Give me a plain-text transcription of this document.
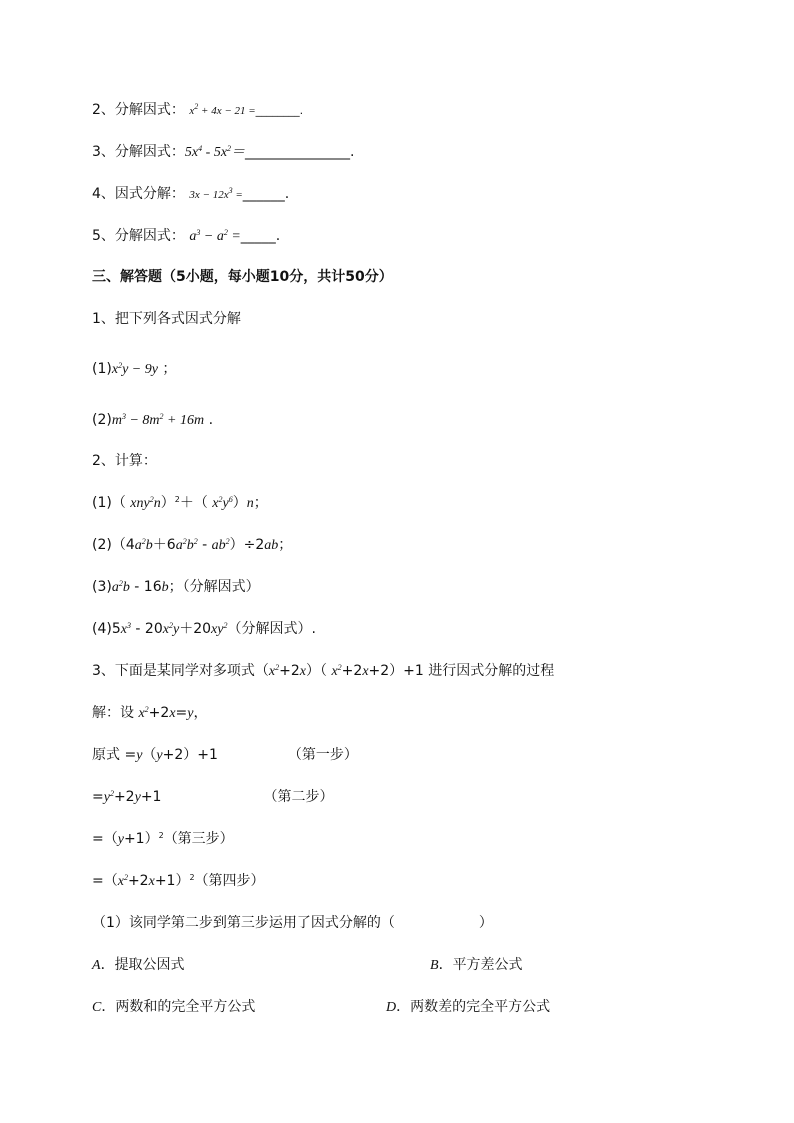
2、分解因式： $x^2 + 4x - 21$ =________.
3、分解因式：$5x^4$ - $5x^2=\_\_\_\_\_\_\_\_\_\_\_\_\_\_\_$.
4、因式分解： $3x - 12x^3$ =______.
5、分解因式： $a^3 - a^2$ =_____.
三、解答题（5小题，每小题10分，共计50分）
1、把下列各式因式分解
$(1)x^2y - 9y$ ；
$(2)m^3 - 8m^2 + 16m$ .
2、计算：
(1)（ xny$^2$n）$^2$＋（ $x^2y^6)n$；
$(2)(4a^2b+6a^2b^2 - ab^2)\div 2ab$；
$(3)a^2b - 16b$；（分解因式）
$(4)5x^3 - 20x^2y+20xy^2$（分解因式）.
3、下面是某同学对多项式$(x^2+2x)$（ $x^2+2x+2)+1$ 进行因式分解的过程
解：设 $x^2+2x=y$，
原式 =y（y+2）+1	（第一步）
$=y^2+2y+1$	（第二步）
$=(y+1)^2$（第三步）
$=(x^2+2x+1)^2$（第四步）
（1）该同学第二步到第三步运用了因式分解的（	）
A．提取公因式	B．平方差公式
C．两数和的完全平方公式	D．两数差的完全平方公式
